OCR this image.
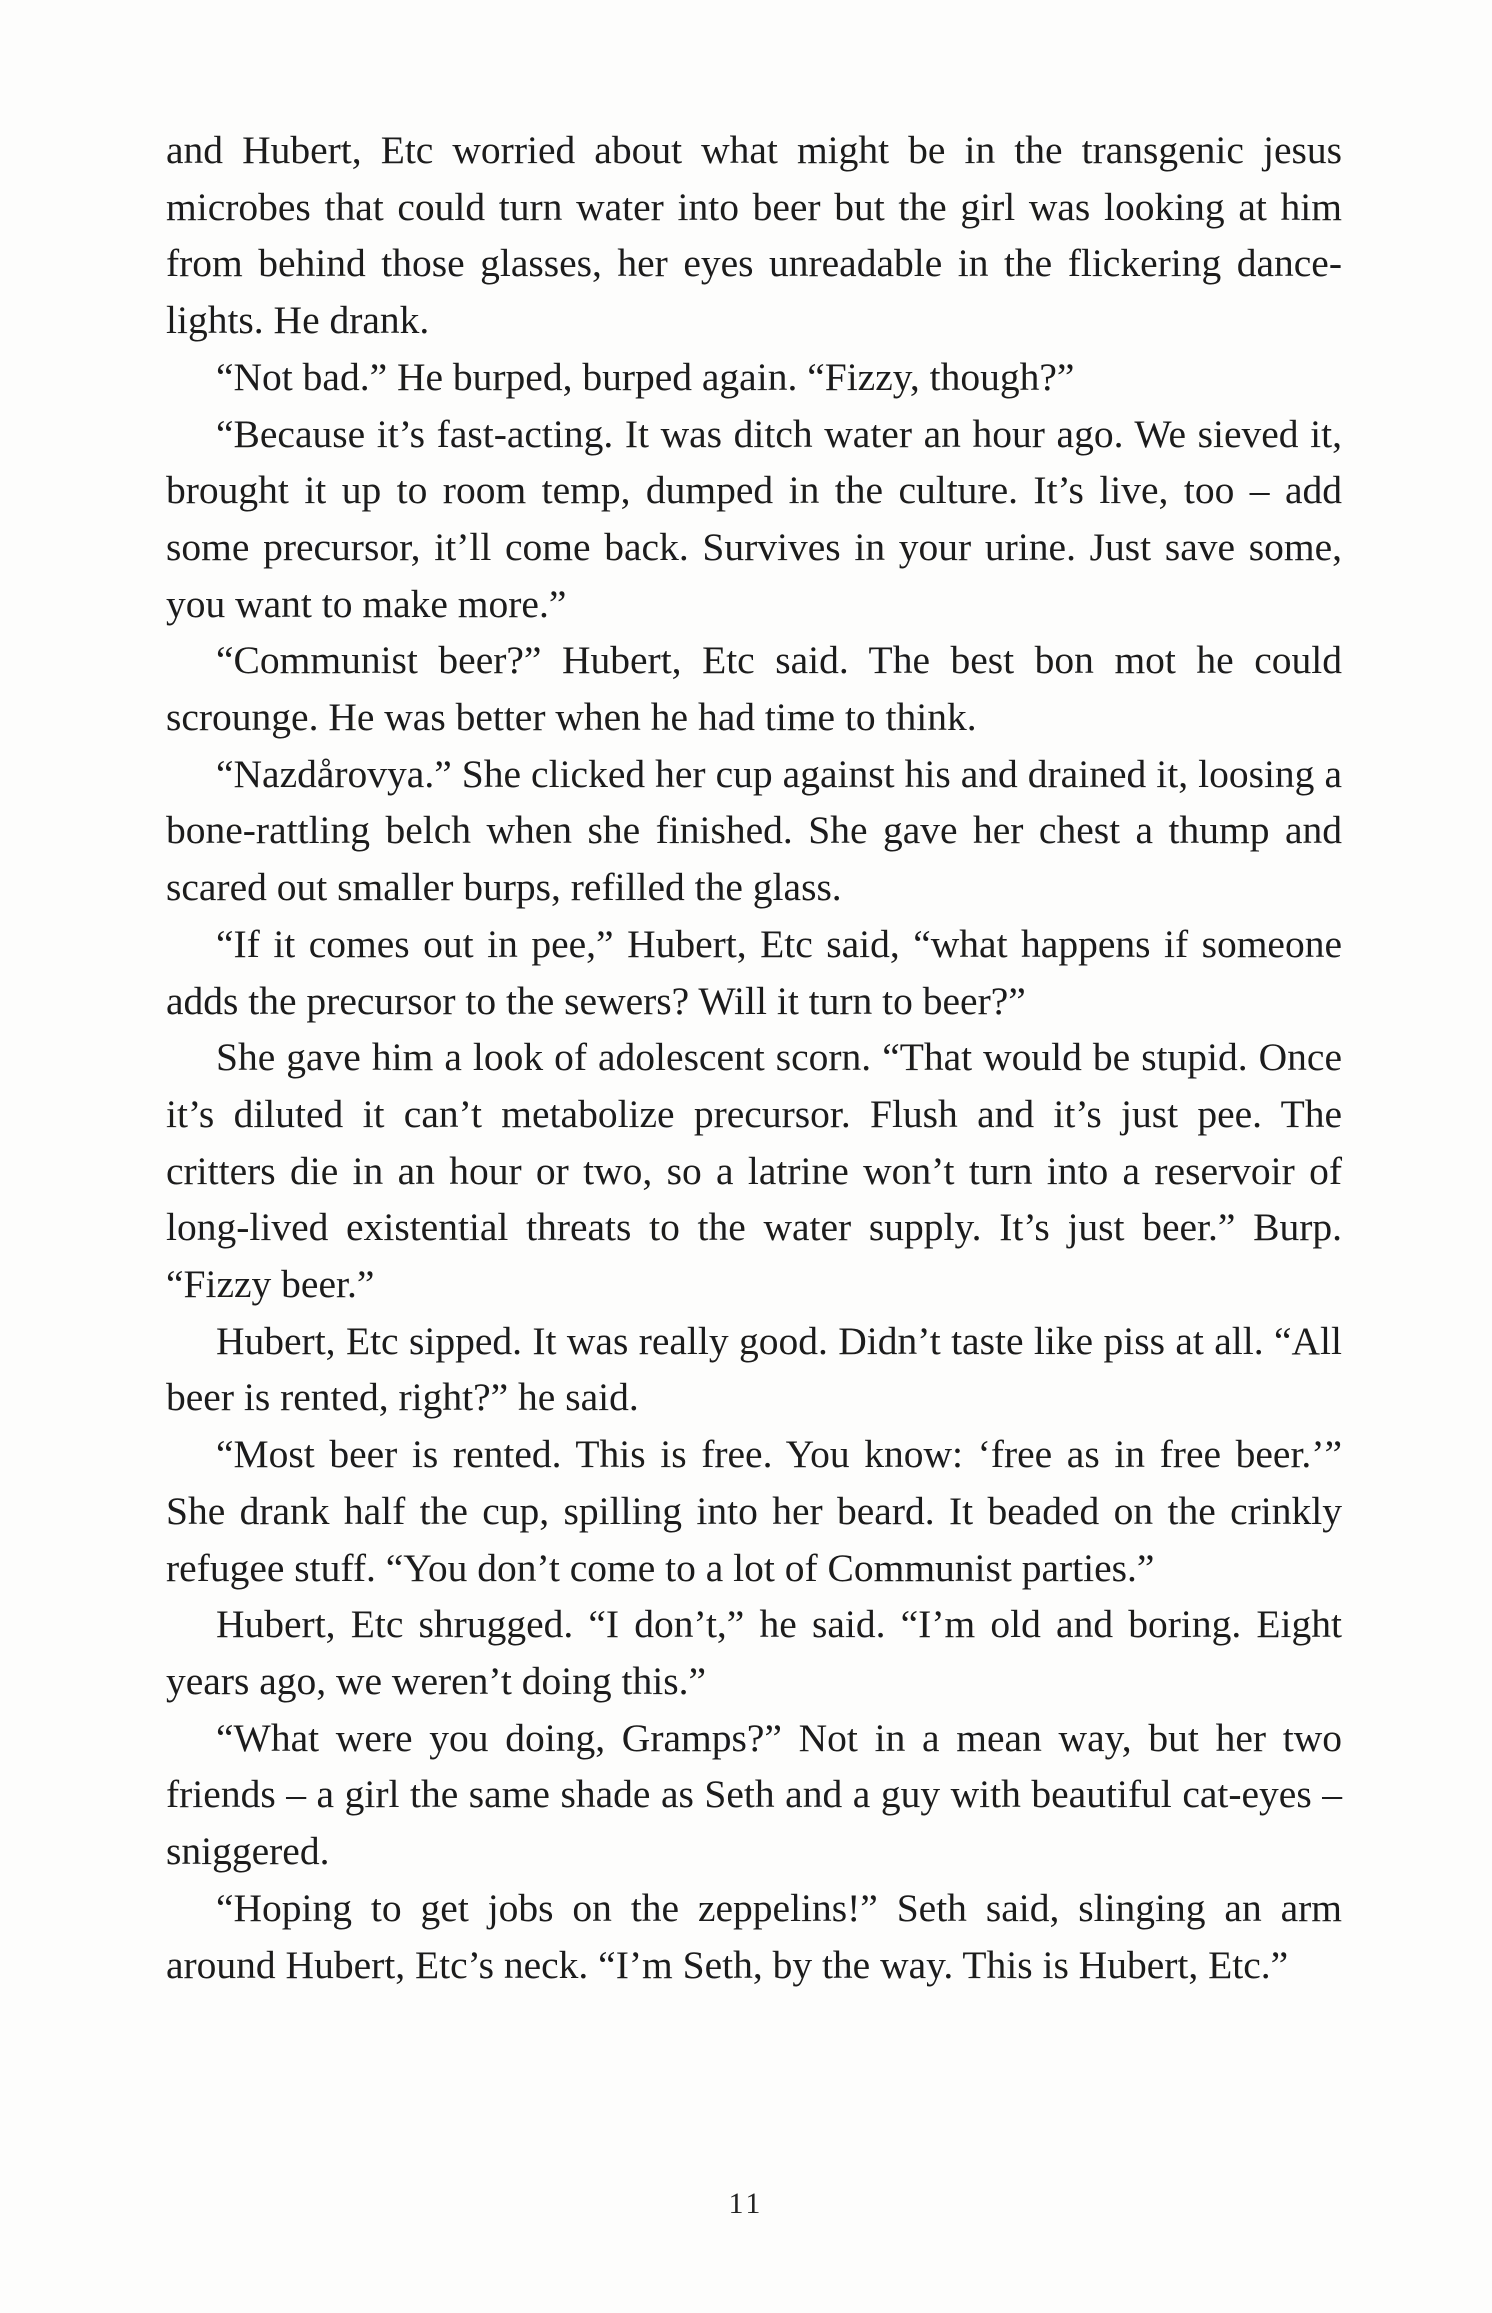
and Hubert, Etc worried about what might be in the transgenic jesus microbes that could turn water into beer but the girl was looking at him from behind those glasses, her eyes unreadable in the flickering dance-lights. He drank.

“Not bad.” He burped, burped again. “Fizzy, though?”

“Because it’s fast-acting. It was ditch water an hour ago. We sieved it, brought it up to room temp, dumped in the culture. It’s live, too – add some precursor, it’ll come back. Survives in your urine. Just save some, you want to make more.”

“Communist beer?” Hubert, Etc said. The best bon mot he could scrounge. He was better when he had time to think.

“Nazdårovya.” She clicked her cup against his and drained it, loosing a bone-rattling belch when she finished. She gave her chest a thump and scared out smaller burps, refilled the glass.

“If it comes out in pee,” Hubert, Etc said, “what happens if someone adds the precursor to the sewers? Will it turn to beer?”

She gave him a look of adolescent scorn. “That would be stupid. Once it’s diluted it can’t metabolize precursor. Flush and it’s just pee. The critters die in an hour or two, so a latrine won’t turn into a reservoir of long-lived existential threats to the water supply. It’s just beer.” Burp. “Fizzy beer.”

Hubert, Etc sipped. It was really good. Didn’t taste like piss at all. “All beer is rented, right?” he said.

“Most beer is rented. This is free. You know: ‘free as in free beer.’” She drank half the cup, spilling into her beard. It beaded on the crinkly refugee stuff. “You don’t come to a lot of Communist parties.”

Hubert, Etc shrugged. “I don’t,” he said. “I’m old and boring. Eight years ago, we weren’t doing this.”

“What were you doing, Gramps?” Not in a mean way, but her two friends – a girl the same shade as Seth and a guy with beautiful cat-eyes – sniggered.

“Hoping to get jobs on the zeppelins!” Seth said, slinging an arm around Hubert, Etc’s neck. “I’m Seth, by the way. This is Hubert, Etc.”

11
